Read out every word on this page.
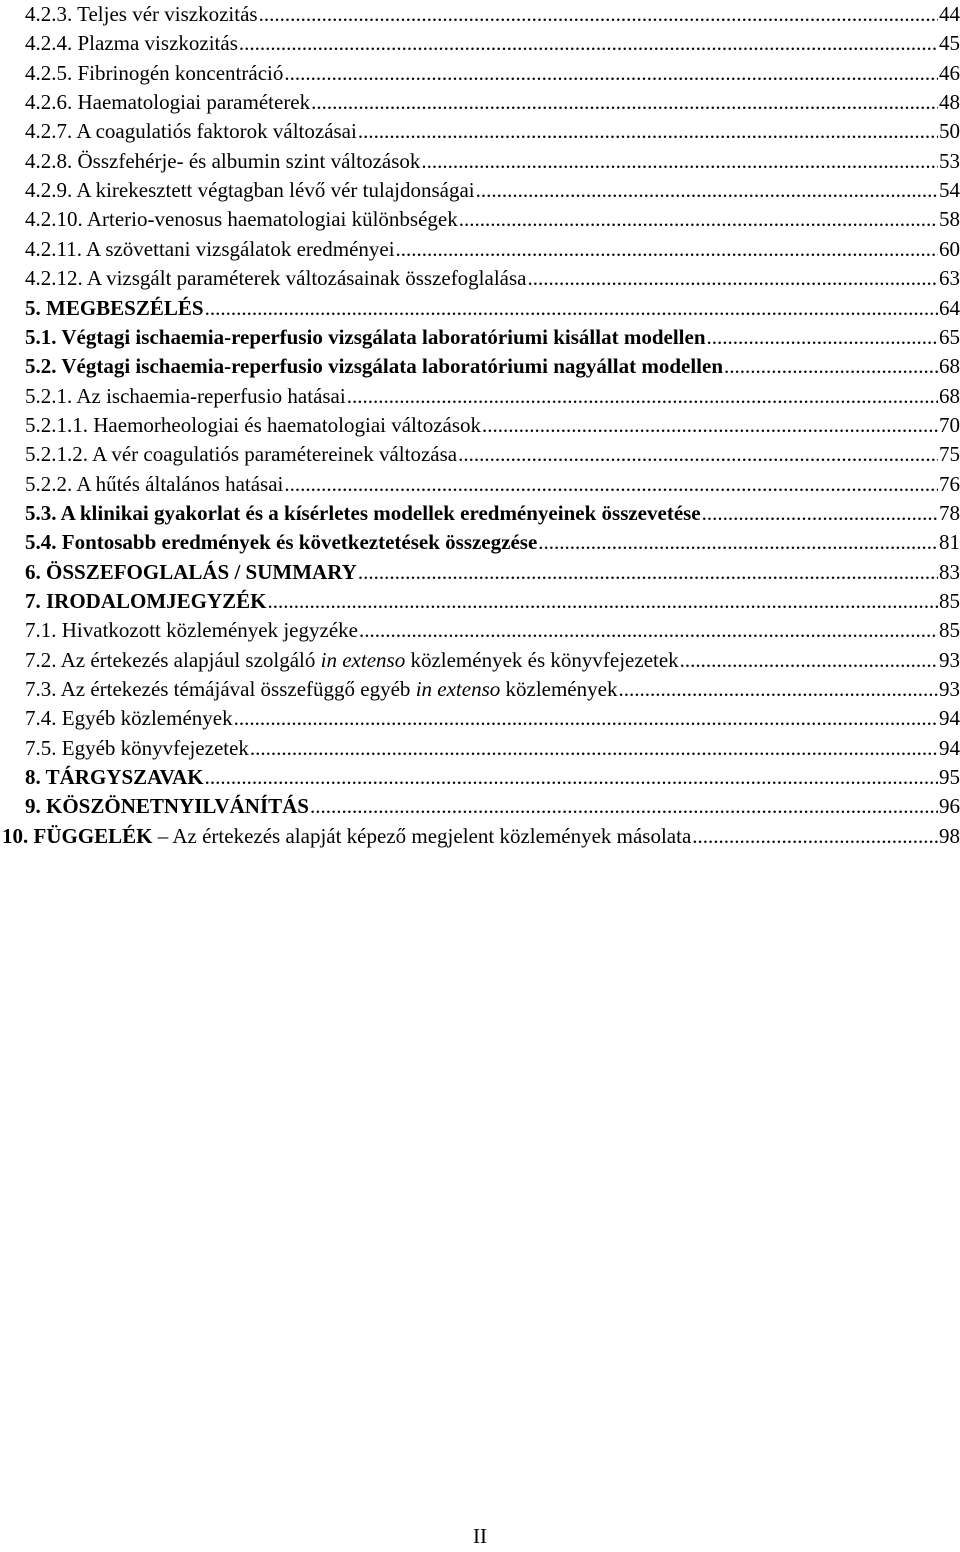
4.2.3. Teljes vér viszkozitás .....	44
4.2.4. Plazma viszkozitás .....	45
4.2.5. Fibrinogén koncentráció .....	46
4.2.6. Haematologiai paraméterek .....	48
4.2.7. A coagulatiós faktorok változásai .....	50
4.2.8. Összfehérje- és albumin szint változások .....	53
4.2.9. A kirekesztett végtagban lévő vér tulajdonságai .....	54
4.2.10. Arterio-venosus haematologiai különbségek .....	58
4.2.11. A szövettani vizsgálatok eredményei .....	60
4.2.12. A vizsgált paraméterek változásainak összefoglalása .....	63
5. MEGBESZÉLÉS .....	64
5.1. Végtagi ischaemia-reperfusio vizsgálata laboratóriumi kisállat modellen .....	65
5.2. Végtagi ischaemia-reperfusio vizsgálata laboratóriumi nagyállat modellen .....	68
5.2.1. Az ischaemia-reperfusio hatásai .....	68
5.2.1.1. Haemorheologiai és haematologiai változások .....	70
5.2.1.2. A vér coagulatiós paramétereinek változása .....	75
5.2.2. A hűtés általános hatásai .....	76
5.3. A klinikai gyakorlat és a kísérletes modellek eredményeinek összevetése .....	78
5.4. Fontosabb eredmények és következtetések összegzése .....	81
6. ÖSSZEFOGLALÁS / SUMMARY .....	83
7. IRODALOMJEGYZÉK .....	85
7.1. Hivatkozott közlemények jegyzéke .....	85
7.2. Az értekezés alapjául szolgáló in extenso közlemények és könyvfejezetek .....	93
7.3. Az értekezés témájával összefüggő egyéb in extenso közlemények .....	93
7.4. Egyéb közlemények .....	94
7.5. Egyéb könyvfejezetek .....	94
8. TÁRGYSZAVAK .....	95
9. KÖSZÖNETNYILVÁNÍTÁS .....	96
10. FÜGGELÉK – Az értekezés alapját képező megjelent közlemények másolata .....	98
II
